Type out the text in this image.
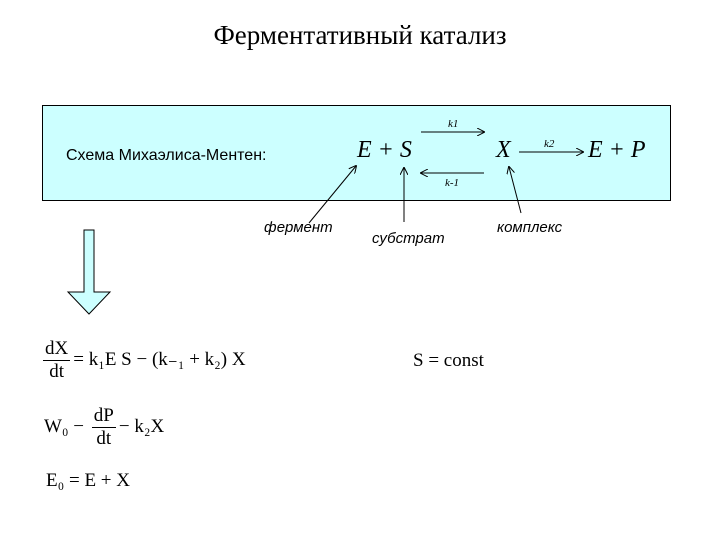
Ферментативный катализ
Схема Михаэлиса-Ментен:	E + S	X	E + P
k1
k-1
k2
фермент
субстрат
комплекс
$\frac{dX}{dt} = k_1E$ S − (k₋₁ + k₂) X	S = const
$W_0 - \frac{dP}{dt} - k_2X$
E₀ = E + X
